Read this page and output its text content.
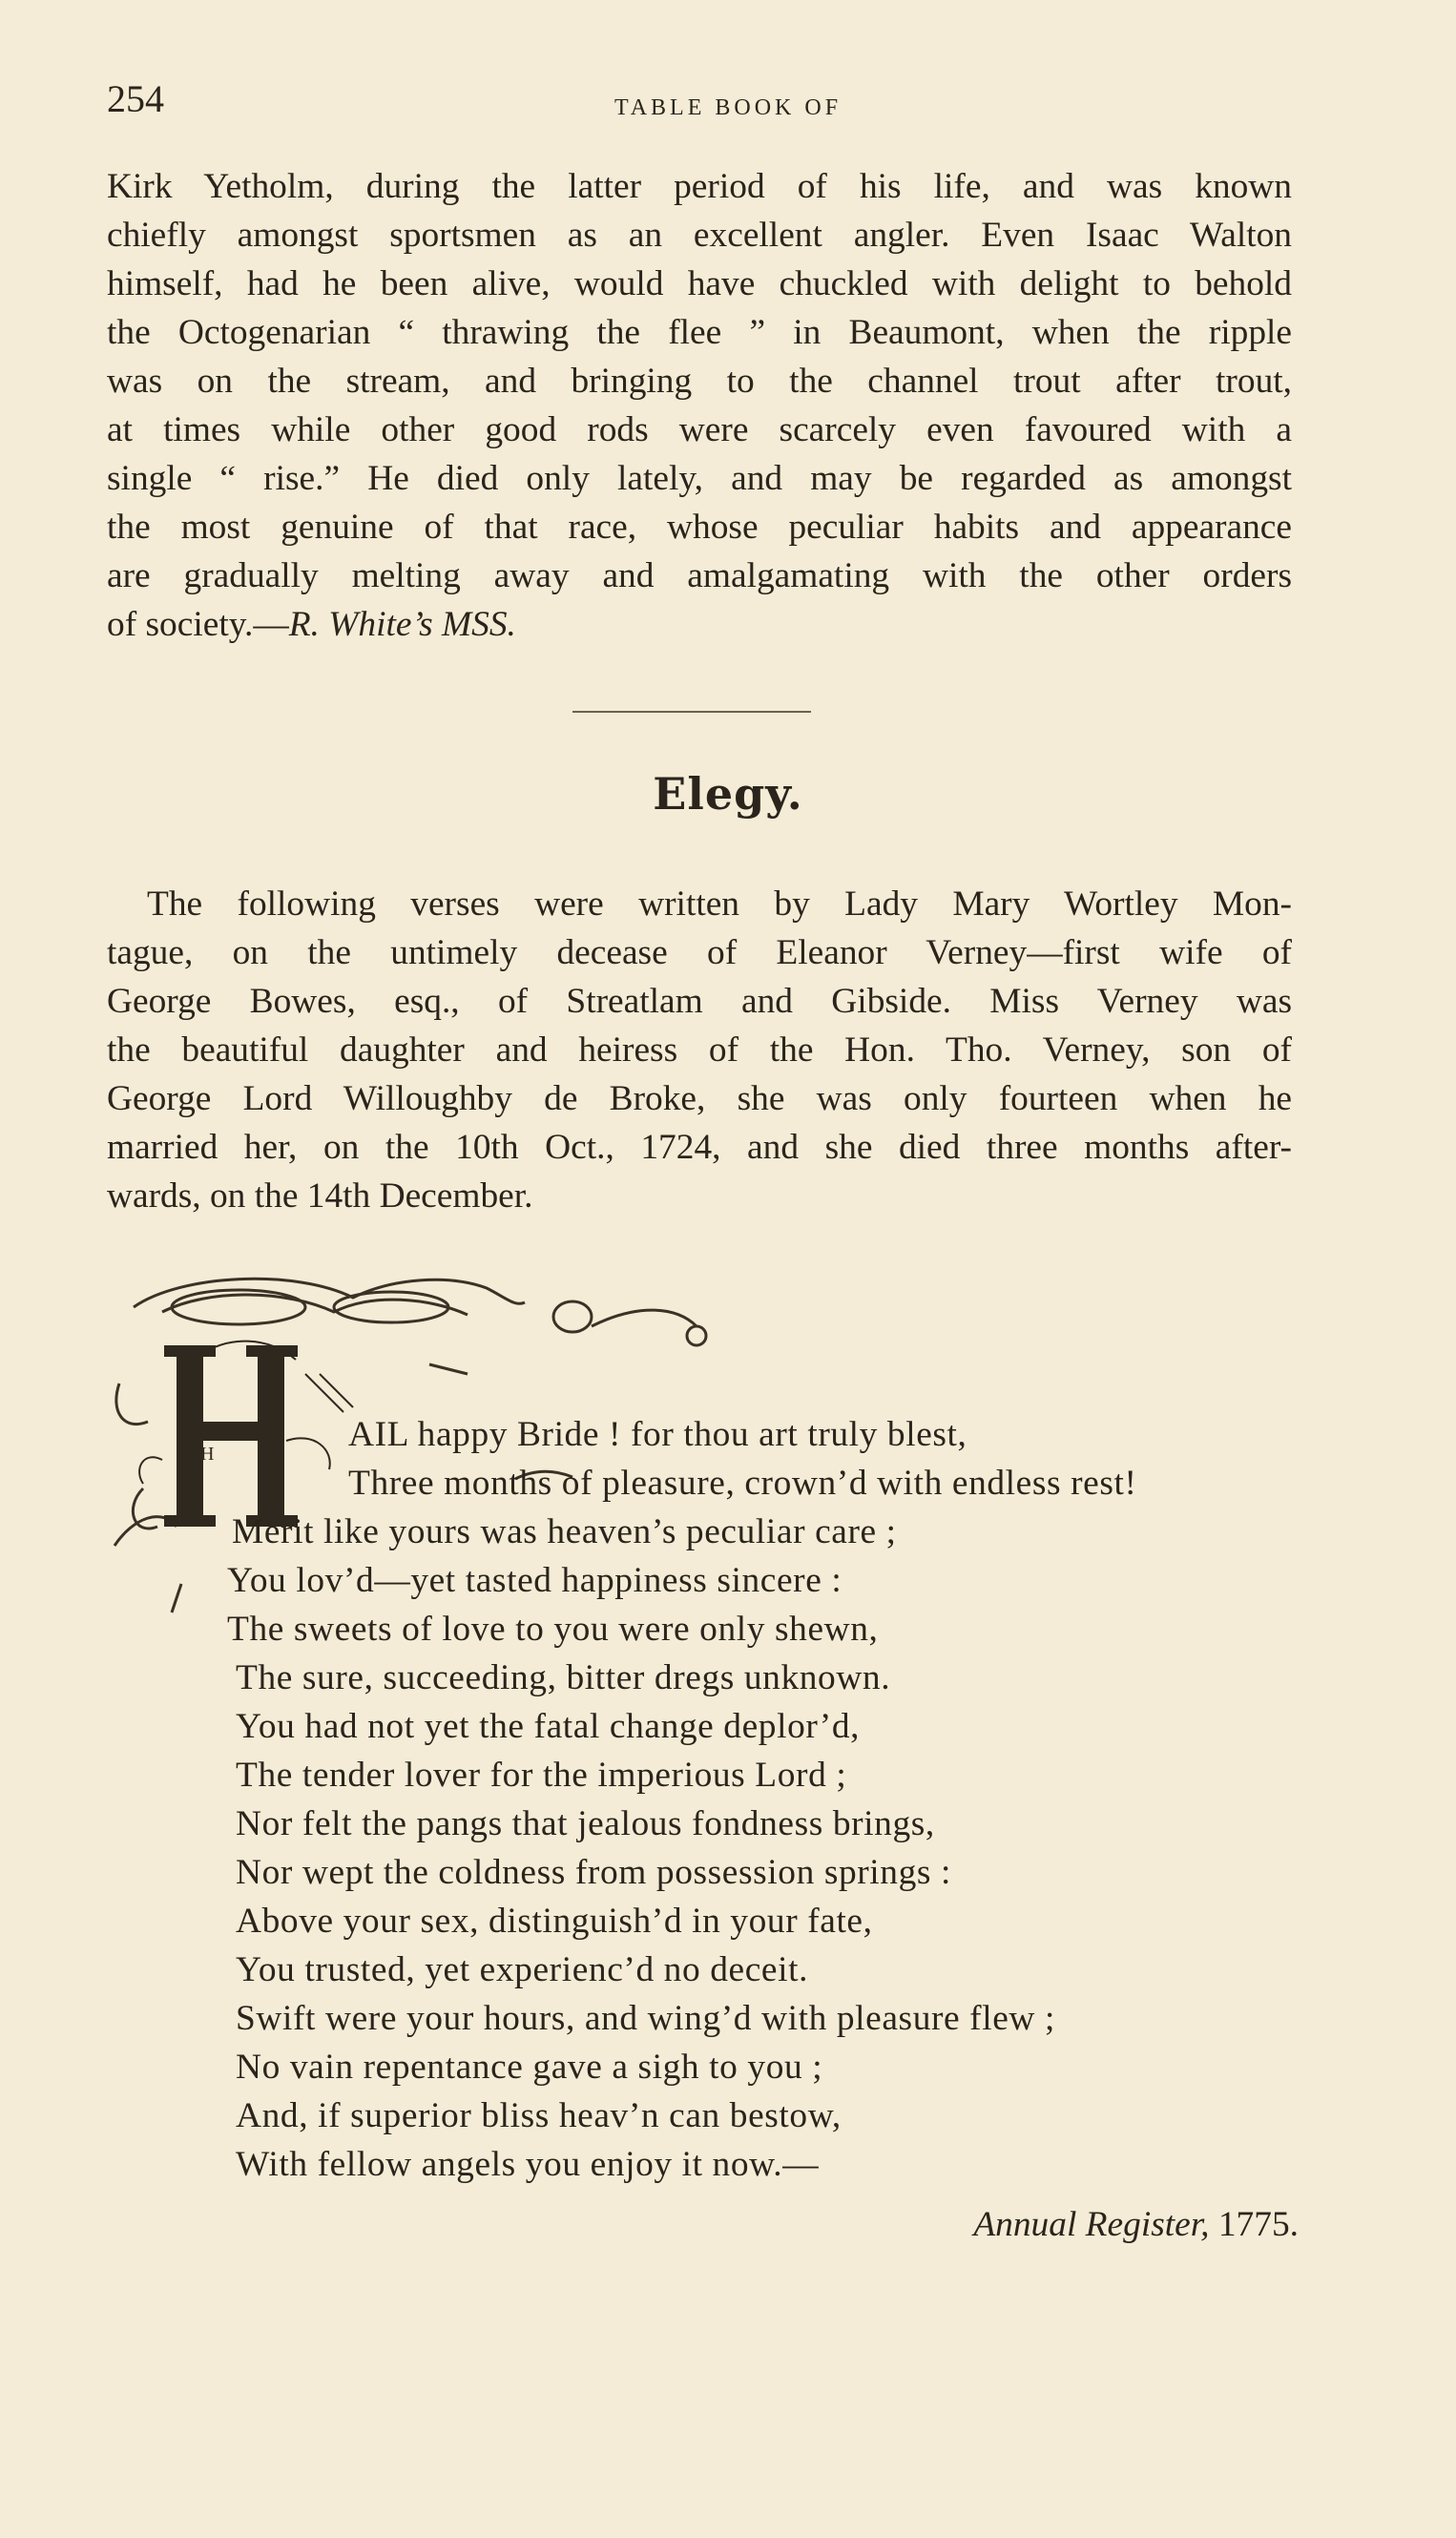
254	TABLE BOOK OF
Kirk Yetholm, during the latter period of his life, and was known
chiefly amongst sportsmen as an excellent angler. Even Isaac Walton
himself, had he been alive, would have chuckled with delight to behold
the Octogenarian “ thrawing the flee ” in Beaumont, when the ripple
was on the stream, and bringing to the channel trout after trout,
at times while other good rods were scarcely even favoured with a
single “ rise.” He died only lately, and may be regarded as amongst
the most genuine of that race, whose peculiar habits and appearance
are gradually melting away and amalgamating with the other orders
of society.—R. White’s MSS.
Elegy.
The following verses were written by Lady Mary Wortley Mon-
tague, on the untimely decease of Eleanor Verney—first wife of
George Bowes, esq., of Streatlam and Gibside. Miss Verney was
the beautiful daughter and heiress of the Hon. Tho. Verney, son of
George Lord Willoughby de Broke, she was only fourteen when he
married her, on the 10th Oct., 1724, and she died three months after-
wards, on the 14th December.
H	AIL happy Bride ! for thou art truly blest,
Three months of pleasure, crown’d with endless rest!
Merit like yours was heaven’s peculiar care ;
You lov’d—yet tasted happiness sincere :
The sweets of love to you were only shewn,
The sure, succeeding, bitter dregs unknown.
You had not yet the fatal change deplor’d,
The tender lover for the imperious Lord ;
Nor felt the pangs that jealous fondness brings,
Nor wept the coldness from possession springs :
Above your sex, distinguish’d in your fate,
You trusted, yet experienc’d no deceit.
Swift were your hours, and wing’d with pleasure flew ;
No vain repentance gave a sigh to you ;
And, if superior bliss heav’n can bestow,
With fellow angels you enjoy it now.—
Annual Register, 1775.
